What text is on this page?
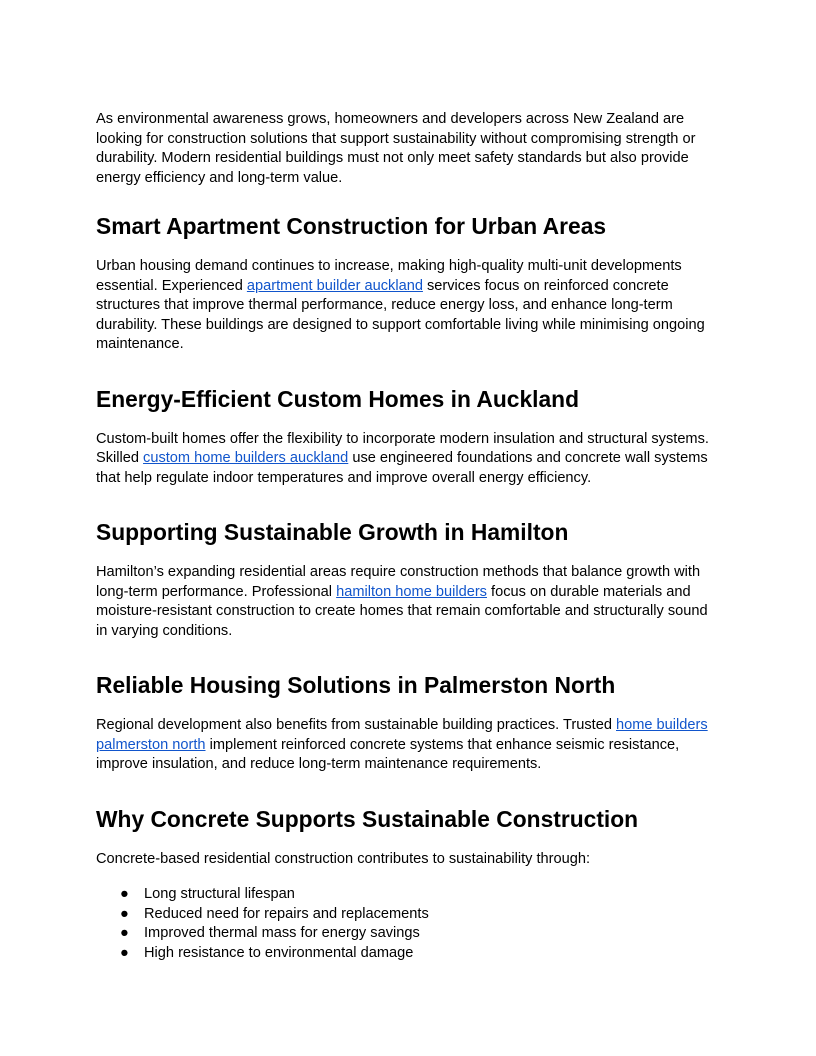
As environmental awareness grows, homeowners and developers across New Zealand are looking for construction solutions that support sustainability without compromising strength or durability. Modern residential buildings must not only meet safety standards but also provide energy efficiency and long-term value.

Smart Apartment Construction for Urban Areas

Urban housing demand continues to increase, making high-quality multi-unit developments essential. Experienced apartment builder auckland services focus on reinforced concrete structures that improve thermal performance, reduce energy loss, and enhance long-term durability. These buildings are designed to support comfortable living while minimising ongoing maintenance.

Energy-Efficient Custom Homes in Auckland

Custom-built homes offer the flexibility to incorporate modern insulation and structural systems. Skilled custom home builders auckland use engineered foundations and concrete wall systems that help regulate indoor temperatures and improve overall energy efficiency.

Supporting Sustainable Growth in Hamilton

Hamilton’s expanding residential areas require construction methods that balance growth with long-term performance. Professional hamilton home builders focus on durable materials and moisture-resistant construction to create homes that remain comfortable and structurally sound in varying conditions.

Reliable Housing Solutions in Palmerston North

Regional development also benefits from sustainable building practices. Trusted home builders palmerston north implement reinforced concrete systems that enhance seismic resistance, improve insulation, and reduce long-term maintenance requirements.

Why Concrete Supports Sustainable Construction

Concrete-based residential construction contributes to sustainability through:

● Long structural lifespan
● Reduced need for repairs and replacements
● Improved thermal mass for energy savings
● High resistance to environmental damage
